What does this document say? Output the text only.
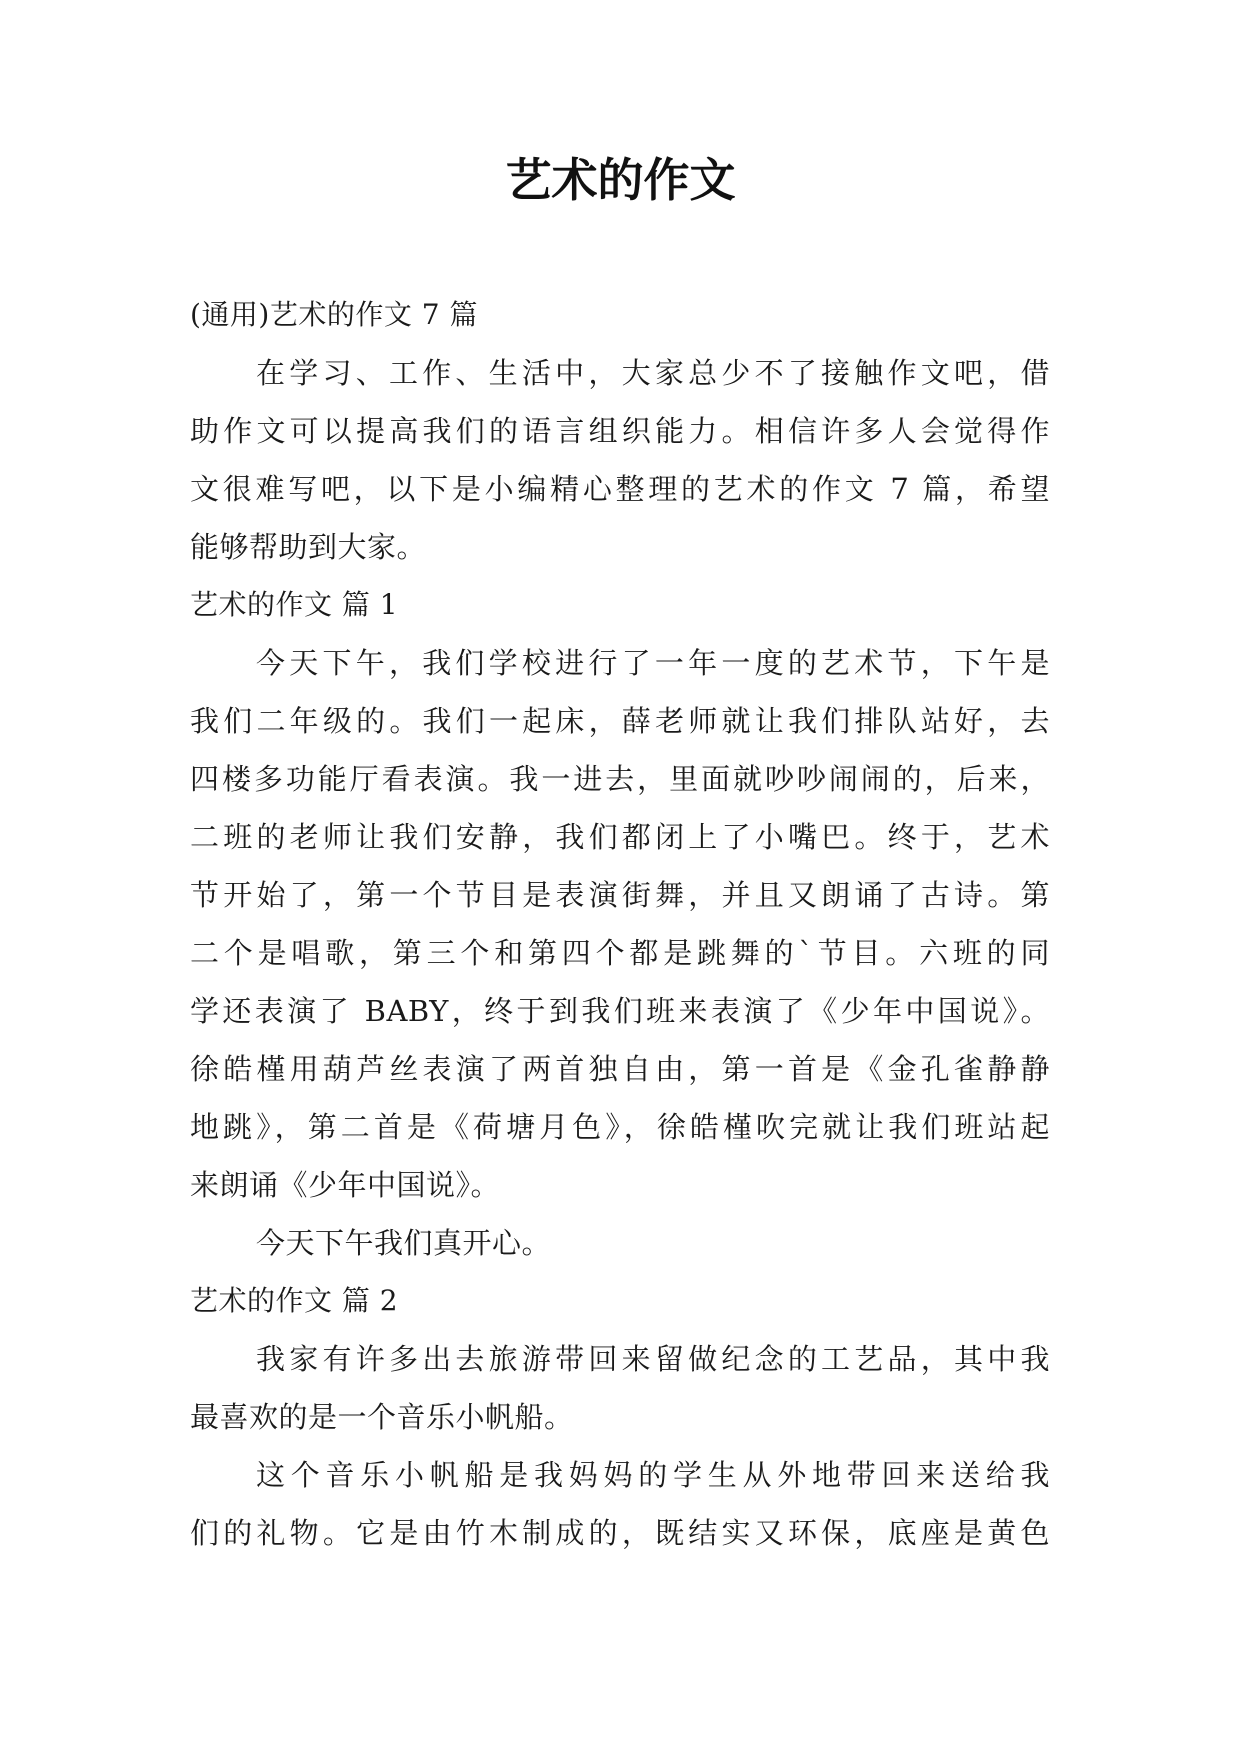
艺术的作文

(通用)艺术的作文 7 篇

在学习、工作、生活中，大家总少不了接触作文吧，借

助作文可以提高我们的语言组织能力。相信许多人会觉得作

文很难写吧，以下是小编精心整理的艺术的作文 7 篇，希望

能够帮助到大家。

艺术的作文 篇 1

今天下午，我们学校进行了一年一度的艺术节，下午是

我们二年级的。我们一起床，薛老师就让我们排队站好，去

四楼多功能厅看表演。我一进去，里面就吵吵闹闹的，后来，

二班的老师让我们安静，我们都闭上了小嘴巴。终于，艺术

节开始了，第一个节目是表演街舞，并且又朗诵了古诗。第

二个是唱歌，第三个和第四个都是跳舞的`节目。六班的同

学还表演了 BABY，终于到我们班来表演了《少年中国说》。

徐皓槿用葫芦丝表演了两首独自由，第一首是《金孔雀静静

地跳》，第二首是《荷塘月色》，徐皓槿吹完就让我们班站起

来朗诵《少年中国说》。

今天下午我们真开心。

艺术的作文 篇 2

我家有许多出去旅游带回来留做纪念的工艺品，其中我

最喜欢的是一个音乐小帆船。

这个音乐小帆船是我妈妈的学生从外地带回来送给我

们的礼物。它是由竹木制成的，既结实又环保，底座是黄色
